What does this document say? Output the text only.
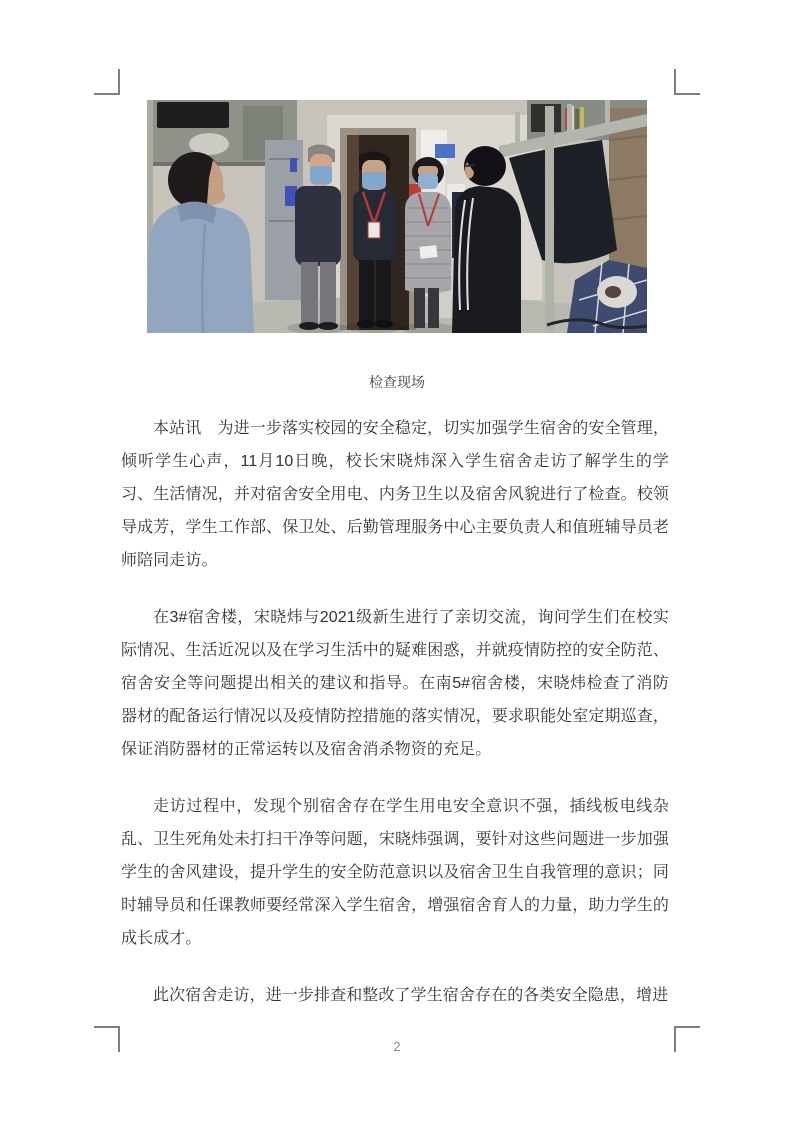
检查现场

本站讯　为进一步落实校园的安全稳定，切实加强学生宿舍的安全管理，倾听学生心声，11月10日晚，校长宋晓炜深入学生宿舍走访了解学生的学习、生活情况，并对宿舍安全用电、内务卫生以及宿舍风貌进行了检查。校领导成芳，学生工作部、保卫处、后勤管理服务中心主要负责人和值班辅导员老师陪同走访。

在3#宿舍楼，宋晓炜与2021级新生进行了亲切交流，询问学生们在校实际情况、生活近况以及在学习生活中的疑难困惑，并就疫情防控的安全防范、宿舍安全等问题提出相关的建议和指导。在南5#宿舍楼，宋晓炜检查了消防器材的配备运行情况以及疫情防控措施的落实情况，要求职能处室定期巡查，保证消防器材的正常运转以及宿舍消杀物资的充足。

走访过程中，发现个别宿舍存在学生用电安全意识不强，插线板电线杂乱、卫生死角处未打扫干净等问题，宋晓炜强调，要针对这些问题进一步加强学生的舍风建设，提升学生的安全防范意识以及宿舍卫生自我管理的意识；同时辅导员和任课教师要经常深入学生宿舍，增强宿舍育人的力量，助力学生的成长成才。

此次宿舍走访，进一步排查和整改了学生宿舍存在的各类安全隐患，增进

2
